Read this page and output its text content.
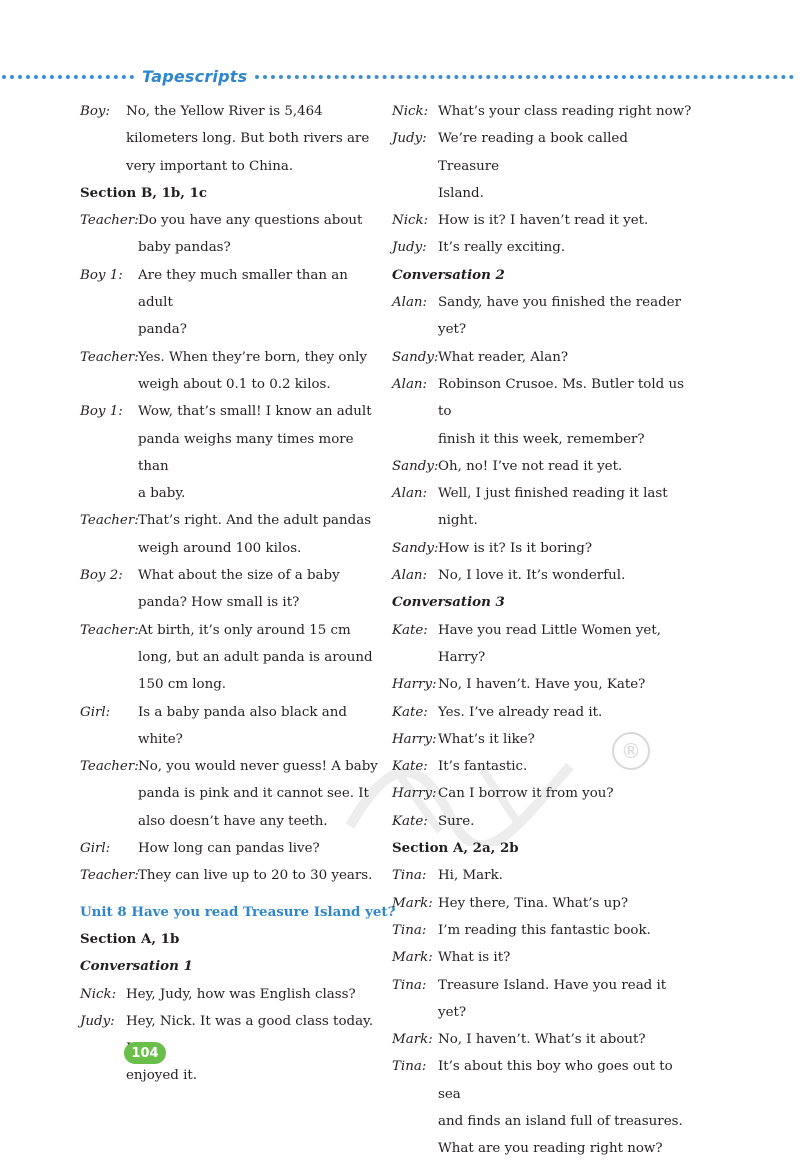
Tapescripts
Boy:	No, the Yellow River is 5,464
kilometers long. But both rivers are
very important to China.
Section B, 1b, 1c
Teacher: Do you have any questions about
baby pandas?
Boy 1:	Are they much smaller than an adult
panda?
Teacher: Yes. When they’re born, they only
weigh about 0.1 to 0.2 kilos.
Boy 1:	Wow, that’s small! I know an adult
panda weighs many times more than
a baby.
Teacher: That’s right. And the adult pandas
weigh around 100 kilos.
Boy 2:	What about the size of a baby
panda? How small is it?
Teacher: At birth, it’s only around 15 cm
long, but an adult panda is around
150 cm long.
Girl:	Is a baby panda also black and
white?
Teacher: No, you would never guess! A baby
panda is pink and it cannot see. It
also doesn’t have any teeth.
Girl:	How long can pandas live?
Teacher: They can live up to 20 to 30 years.
Unit 8 Have you read Treasure Island yet?
Section A, 1b
Conversation 1
Nick: Hey, Judy, how was English class?
Judy: Hey, Nick. It was a good class today.
enjoyed it.
Nick: What’s your class reading right now?
Judy: We’re reading a book called Treasure
Island.
Nick: How is it? I haven’t read it yet.
Judy: It’s really exciting.
Conversation 2
Alan: Sandy, have you finished the reader
yet?
Sandy: What reader, Alan?
Alan: Robinson Crusoe. Ms. Butler told us to
finish it this week, remember?
Sandy: Oh, no! I’ve not read it yet.
Alan: Well, I just finished reading it last
night.
Sandy: How is it? Is it boring?
Alan: No, I love it. It’s wonderful.
Conversation 3
Kate: Have you read Little Women yet, Harry?
Harry: No, I haven’t. Have you, Kate?
Kate: Yes. I’ve already read it.
Harry: What’s it like?
Kate: It’s fantastic.
Harry: Can I borrow it from you?
Kate: Sure.
Section A, 2a, 2b
Tina: Hi, Mark.
Mark: Hey there, Tina. What’s up?
Tina: I’m reading this fantastic book.
Mark: What is it?
Tina: Treasure Island. Have you read it yet?
Mark: No, I haven’t. What’s it about?
Tina: It’s about this boy who goes out to sea
and finds an island full of treasures.
What are you reading right now?
®
104
